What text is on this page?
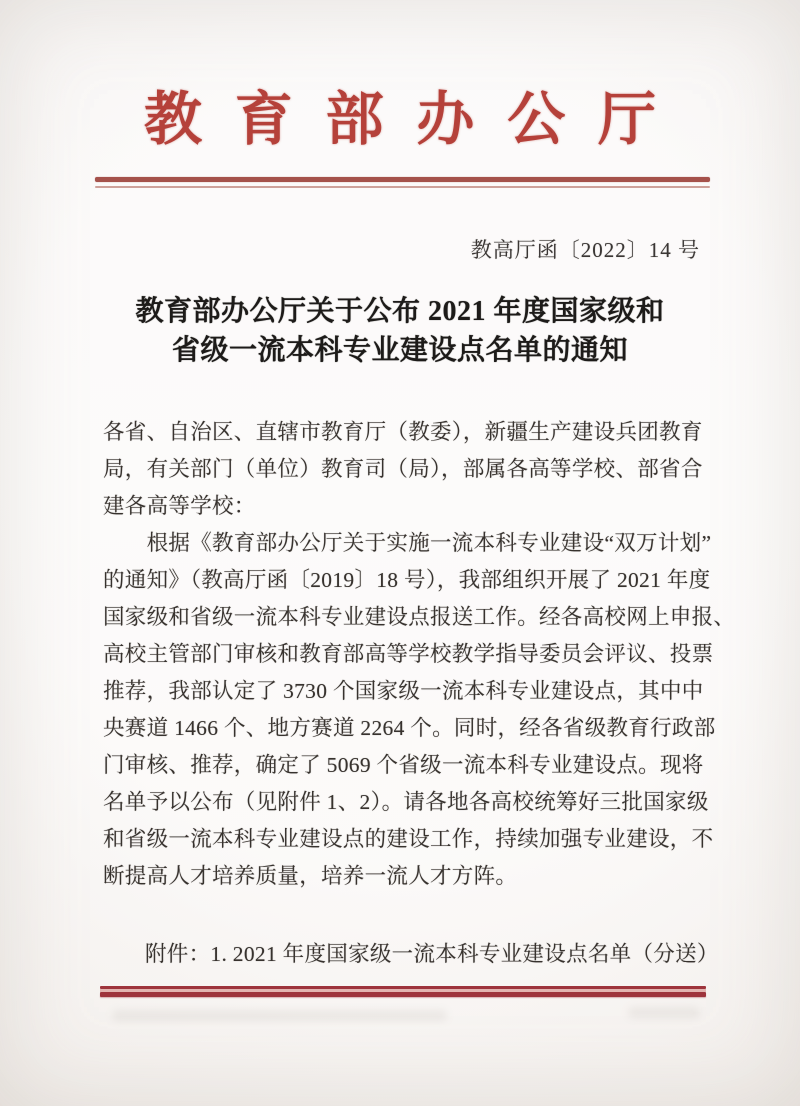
教 育 部 办 公 厅
教高厅函〔2022〕14 号
教育部办公厅关于公布 2021 年度国家级和
省级一流本科专业建设点名单的通知
各省、自治区、直辖市教育厅（教委），新疆生产建设兵团教育
局，有关部门（单位）教育司（局），部属各高等学校、部省合
建各高等学校：
　　根据《教育部办公厅关于实施一流本科专业建设“双万计划”
的通知》（教高厅函〔2019〕18 号），我部组织开展了 2021 年度
国家级和省级一流本科专业建设点报送工作。经各高校网上申报、
高校主管部门审核和教育部高等学校教学指导委员会评议、投票
推荐，我部认定了 3730 个国家级一流本科专业建设点，其中中
央赛道 1466 个、地方赛道 2264 个。同时，经各省级教育行政部
门审核、推荐，确定了 5069 个省级一流本科专业建设点。现将
名单予以公布（见附件 1、2）。请各地各高校统筹好三批国家级
和省级一流本科专业建设点的建设工作，持续加强专业建设，不
断提高人才培养质量，培养一流人才方阵。
附件：1. 2021 年度国家级一流本科专业建设点名单（分送）
